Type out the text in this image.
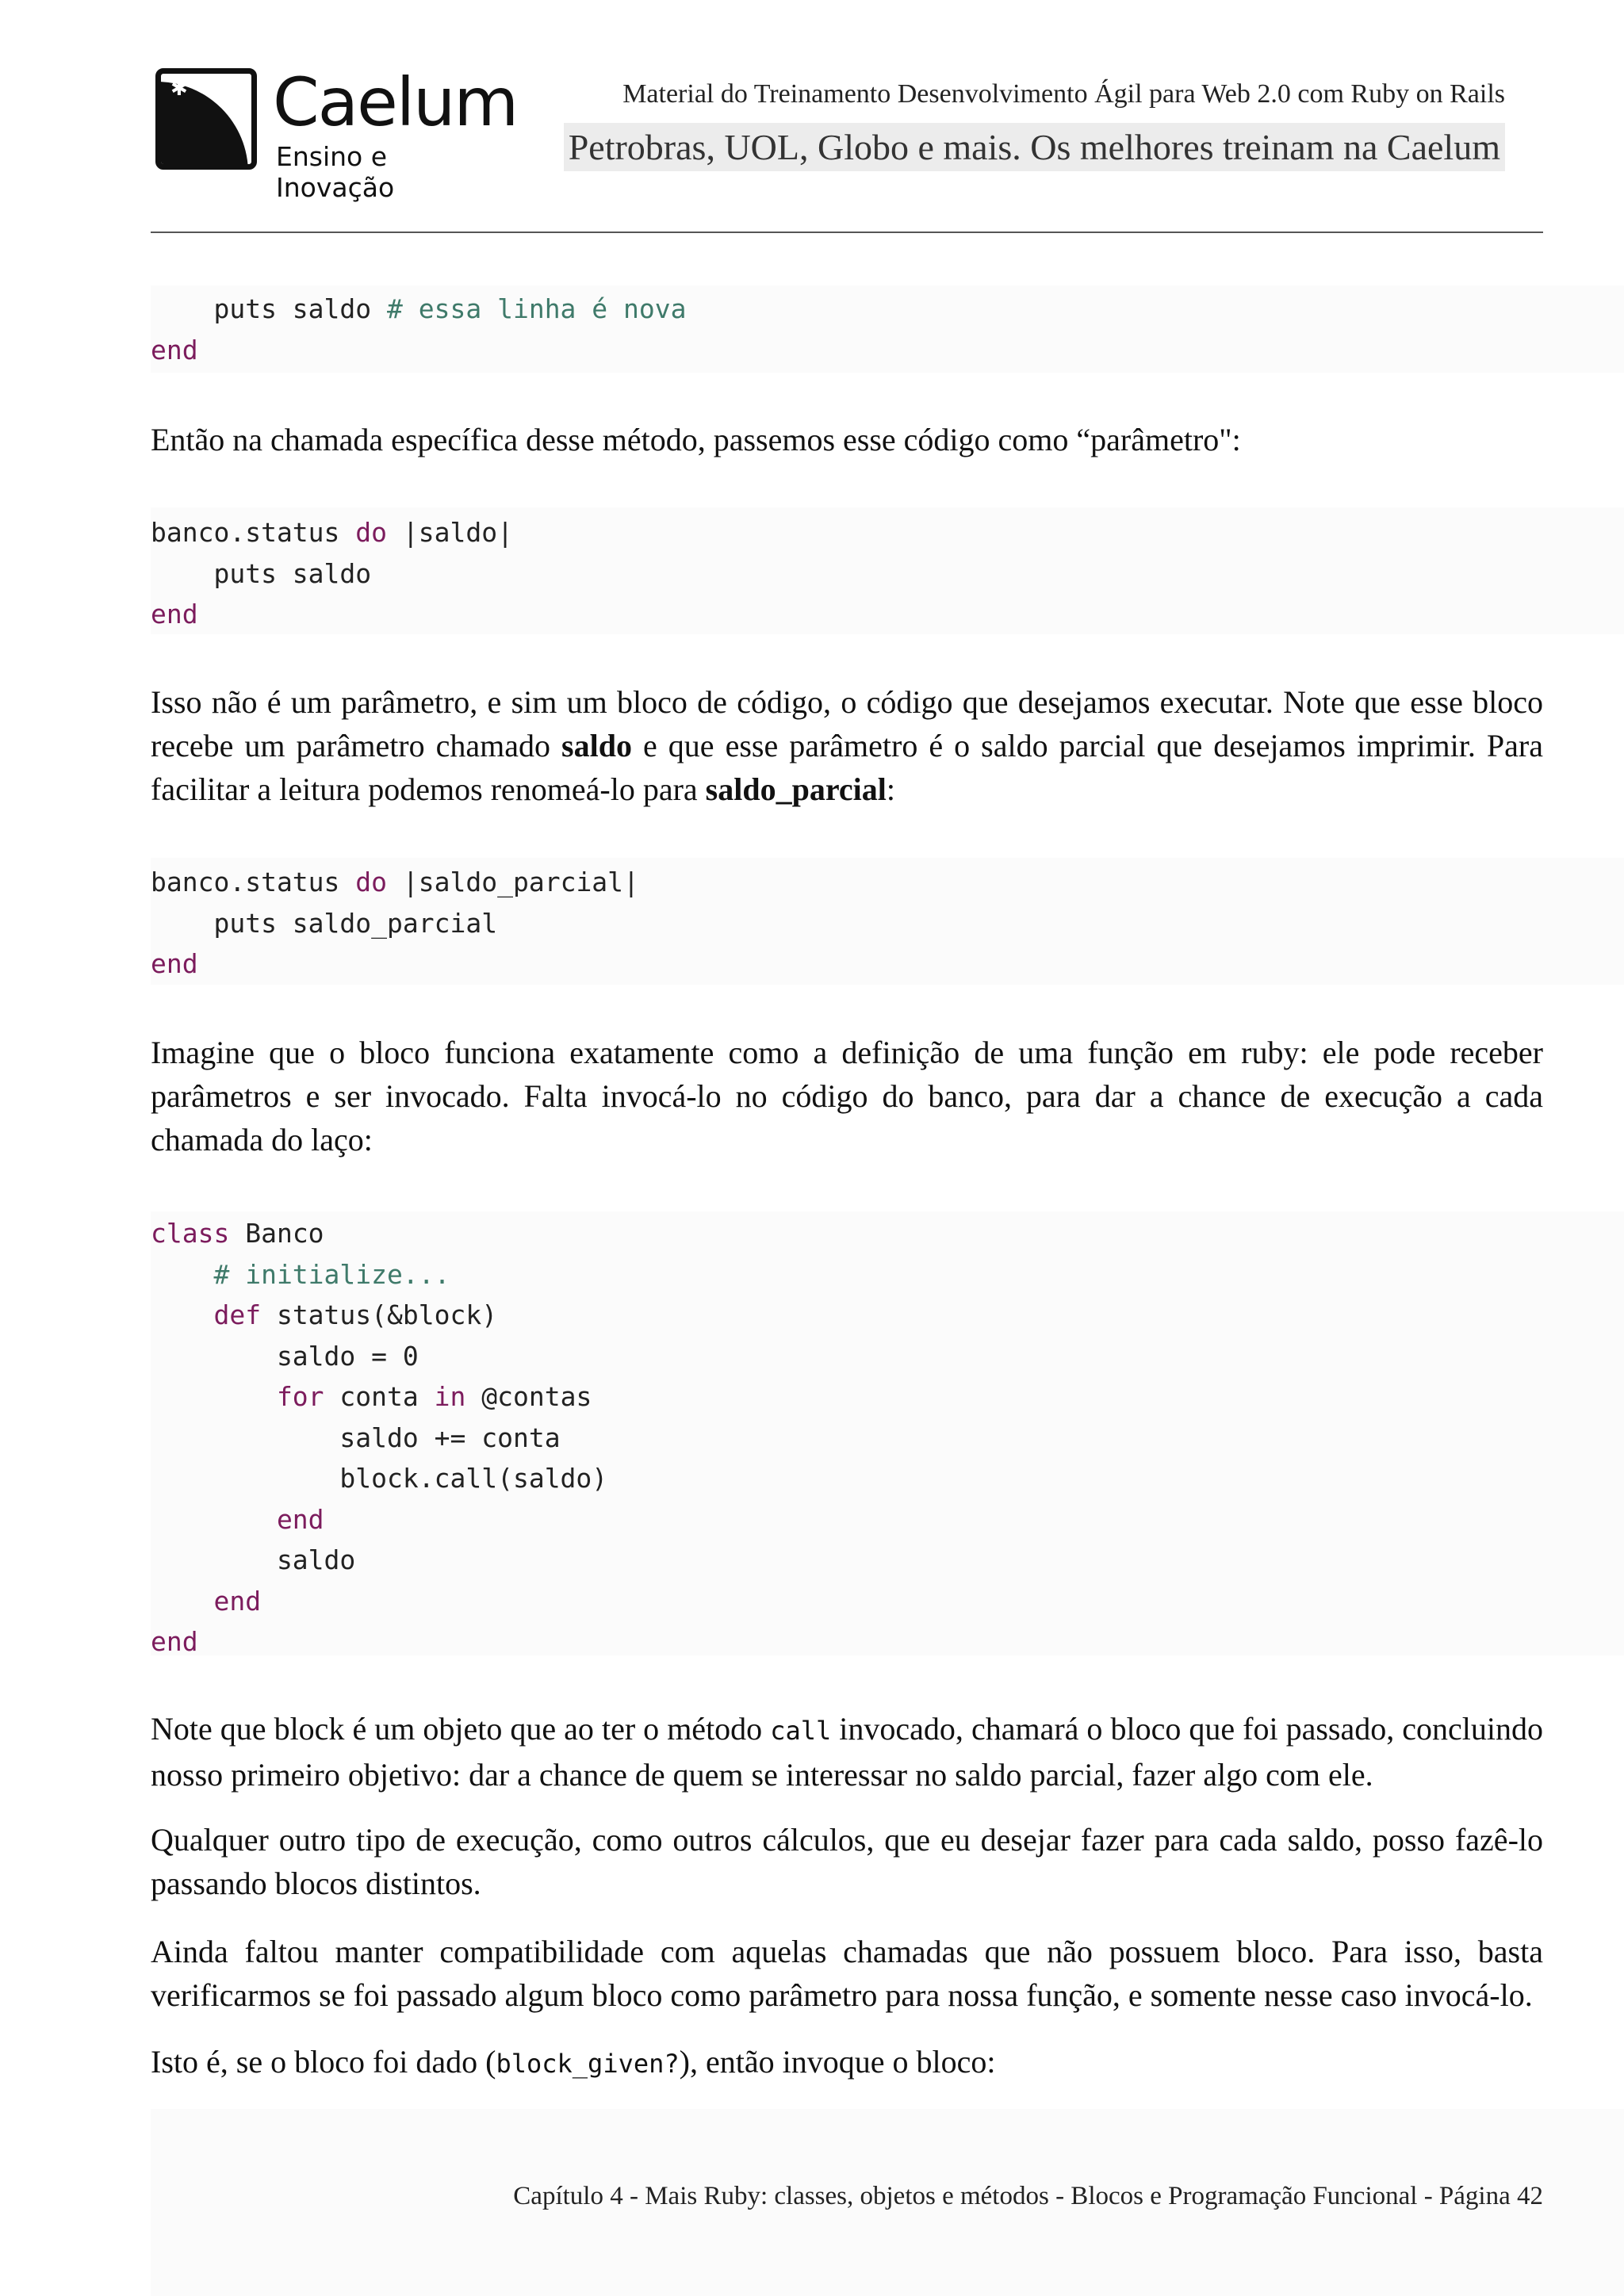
✱ Caelum
Ensino e Inovação
Material do Treinamento Desenvolvimento Ágil para Web 2.0 com Ruby on Rails
Petrobras, UOL, Globo e mais. Os melhores treinam na Caelum
puts saldo # essa linha é nova
end

Então na chamada específica desse método, passemos esse código como “parâmetro":

banco.status do |saldo|
puts saldo
end

Isso não é um parâmetro, e sim um bloco de código, o código que desejamos executar. Note que esse bloco recebe um parâmetro chamado saldo e que esse parâmetro é o saldo parcial que desejamos imprimir. Para facilitar a leitura podemos renomeá-lo para saldo_parcial:

banco.status do |saldo_parcial|
puts saldo_parcial
end

Imagine que o bloco funciona exatamente como a definição de uma função em ruby: ele pode receber parâmetros e ser invocado. Falta invocá-lo no código do banco, para dar a chance de execução a cada chamada do laço:

class Banco
# initialize...
def status(&block)
saldo = 0
for conta in @contas
saldo += conta
block.call(saldo)
end
saldo
end
end

Note que block é um objeto que ao ter o método call invocado, chamará o bloco que foi passado, concluindo nosso primeiro objetivo: dar a chance de quem se interessar no saldo parcial, fazer algo com ele.

Qualquer outro tipo de execução, como outros cálculos, que eu desejar fazer para cada saldo, posso fazê-lo passando blocos distintos.

Ainda faltou manter compatibilidade com aquelas chamadas que não possuem bloco. Para isso, basta verificarmos se foi passado algum bloco como parâmetro para nossa função, e somente nesse caso invocá-lo.

Isto é, se o bloco foi dado (block_given?), então invoque o bloco:

Capítulo 4 - Mais Ruby: classes, objetos e métodos - Blocos e Programação Funcional - Página 42
